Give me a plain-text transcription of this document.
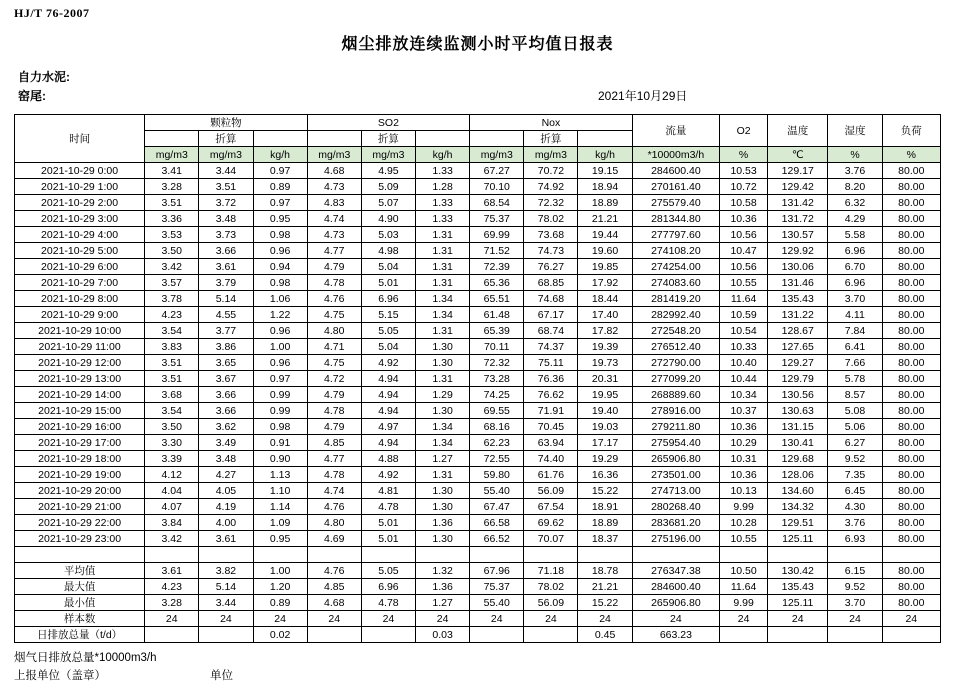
HJ/T 76-2007
烟尘排放连续监测小时平均值日报表
自力水泥:
窑尾:	2021年10月29日
时间	颗粒物			SO2			Nox			流量	O2	温度	湿度	负荷
		折算			折算			折算						
	mg/m3	mg/m3	kg/h	mg/m3	mg/m3	kg/h	mg/m3	mg/m3	kg/h	*10000m3/h	%	℃	%	%
2021-10-29 0:00	3.41	3.44	0.97	4.68	4.95	1.33	67.27	70.72	19.15	284600.40	10.53	129.17	3.76	80.00
2021-10-29 1:00	3.28	3.51	0.89	4.73	5.09	1.28	70.10	74.92	18.94	270161.40	10.72	129.42	8.20	80.00
2021-10-29 2:00	3.51	3.72	0.97	4.83	5.07	1.33	68.54	72.32	18.89	275579.40	10.58	131.42	6.32	80.00
2021-10-29 3:00	3.36	3.48	0.95	4.74	4.90	1.33	75.37	78.02	21.21	281344.80	10.36	131.72	4.29	80.00
2021-10-29 4:00	3.53	3.73	0.98	4.73	5.03	1.31	69.99	73.68	19.44	277797.60	10.56	130.57	5.58	80.00
2021-10-29 5:00	3.50	3.66	0.96	4.77	4.98	1.31	71.52	74.73	19.60	274108.20	10.47	129.92	6.96	80.00
2021-10-29 6:00	3.42	3.61	0.94	4.79	5.04	1.31	72.39	76.27	19.85	274254.00	10.56	130.06	6.70	80.00
2021-10-29 7:00	3.57	3.79	0.98	4.78	5.01	1.31	65.36	68.85	17.92	274083.60	10.55	131.46	6.96	80.00
2021-10-29 8:00	3.78	5.14	1.06	4.76	6.96	1.34	65.51	74.68	18.44	281419.20	11.64	135.43	3.70	80.00
2021-10-29 9:00	4.23	4.55	1.22	4.75	5.15	1.34	61.48	67.17	17.40	282992.40	10.59	131.22	4.11	80.00
2021-10-29 10:00	3.54	3.77	0.96	4.80	5.05	1.31	65.39	68.74	17.82	272548.20	10.54	128.67	7.84	80.00
2021-10-29 11:00	3.83	3.86	1.00	4.71	5.04	1.30	70.11	74.37	19.39	276512.40	10.33	127.65	6.41	80.00
2021-10-29 12:00	3.51	3.65	0.96	4.75	4.92	1.30	72.32	75.11	19.73	272790.00	10.40	129.27	7.66	80.00
2021-10-29 13:00	3.51	3.67	0.97	4.72	4.94	1.31	73.28	76.36	20.31	277099.20	10.44	129.79	5.78	80.00
2021-10-29 14:00	3.68	3.66	0.99	4.79	4.94	1.29	74.25	76.62	19.95	268889.60	10.34	130.56	8.57	80.00
2021-10-29 15:00	3.54	3.66	0.99	4.78	4.94	1.30	69.55	71.91	19.40	278916.00	10.37	130.63	5.08	80.00
2021-10-29 16:00	3.50	3.62	0.98	4.79	4.97	1.34	68.16	70.45	19.03	279211.80	10.36	131.15	5.06	80.00
2021-10-29 17:00	3.30	3.49	0.91	4.85	4.94	1.34	62.23	63.94	17.17	275954.40	10.29	130.41	6.27	80.00
2021-10-29 18:00	3.39	3.48	0.90	4.77	4.88	1.27	72.55	74.40	19.29	265906.80	10.31	129.68	9.52	80.00
2021-10-29 19:00	4.12	4.27	1.13	4.78	4.92	1.31	59.80	61.76	16.36	273501.00	10.36	128.06	7.35	80.00
2021-10-29 20:00	4.04	4.05	1.10	4.74	4.81	1.30	55.40	56.09	15.22	274713.00	10.13	134.60	6.45	80.00
2021-10-29 21:00	4.07	4.19	1.14	4.76	4.78	1.30	67.47	67.54	18.91	280268.40	9.99	134.32	4.30	80.00
2021-10-29 22:00	3.84	4.00	1.09	4.80	5.01	1.36	66.58	69.62	18.89	283681.20	10.28	129.51	3.76	80.00
2021-10-29 23:00	3.42	3.61	0.95	4.69	5.01	1.30	66.52	70.07	18.37	275196.00	10.55	125.11	6.93	80.00

平均值	3.61	3.82	1.00	4.76	5.05	1.32	67.96	71.18	18.78	276347.38	10.50	130.42	6.15	80.00
最大值	4.23	5.14	1.20	4.85	6.96	1.36	75.37	78.02	21.21	284600.40	11.64	135.43	9.52	80.00
最小值	3.28	3.44	0.89	4.68	4.78	1.27	55.40	56.09	15.22	265906.80	9.99	125.11	3.70	80.00
样本数	24	24	24	24	24	24	24	24	24	24	24	24	24	24
日排放总量（t/d）			0.02			0.03			0.45	663.23				
烟气日排放总量*10000m3/h
上报单位（盖章）	单位
